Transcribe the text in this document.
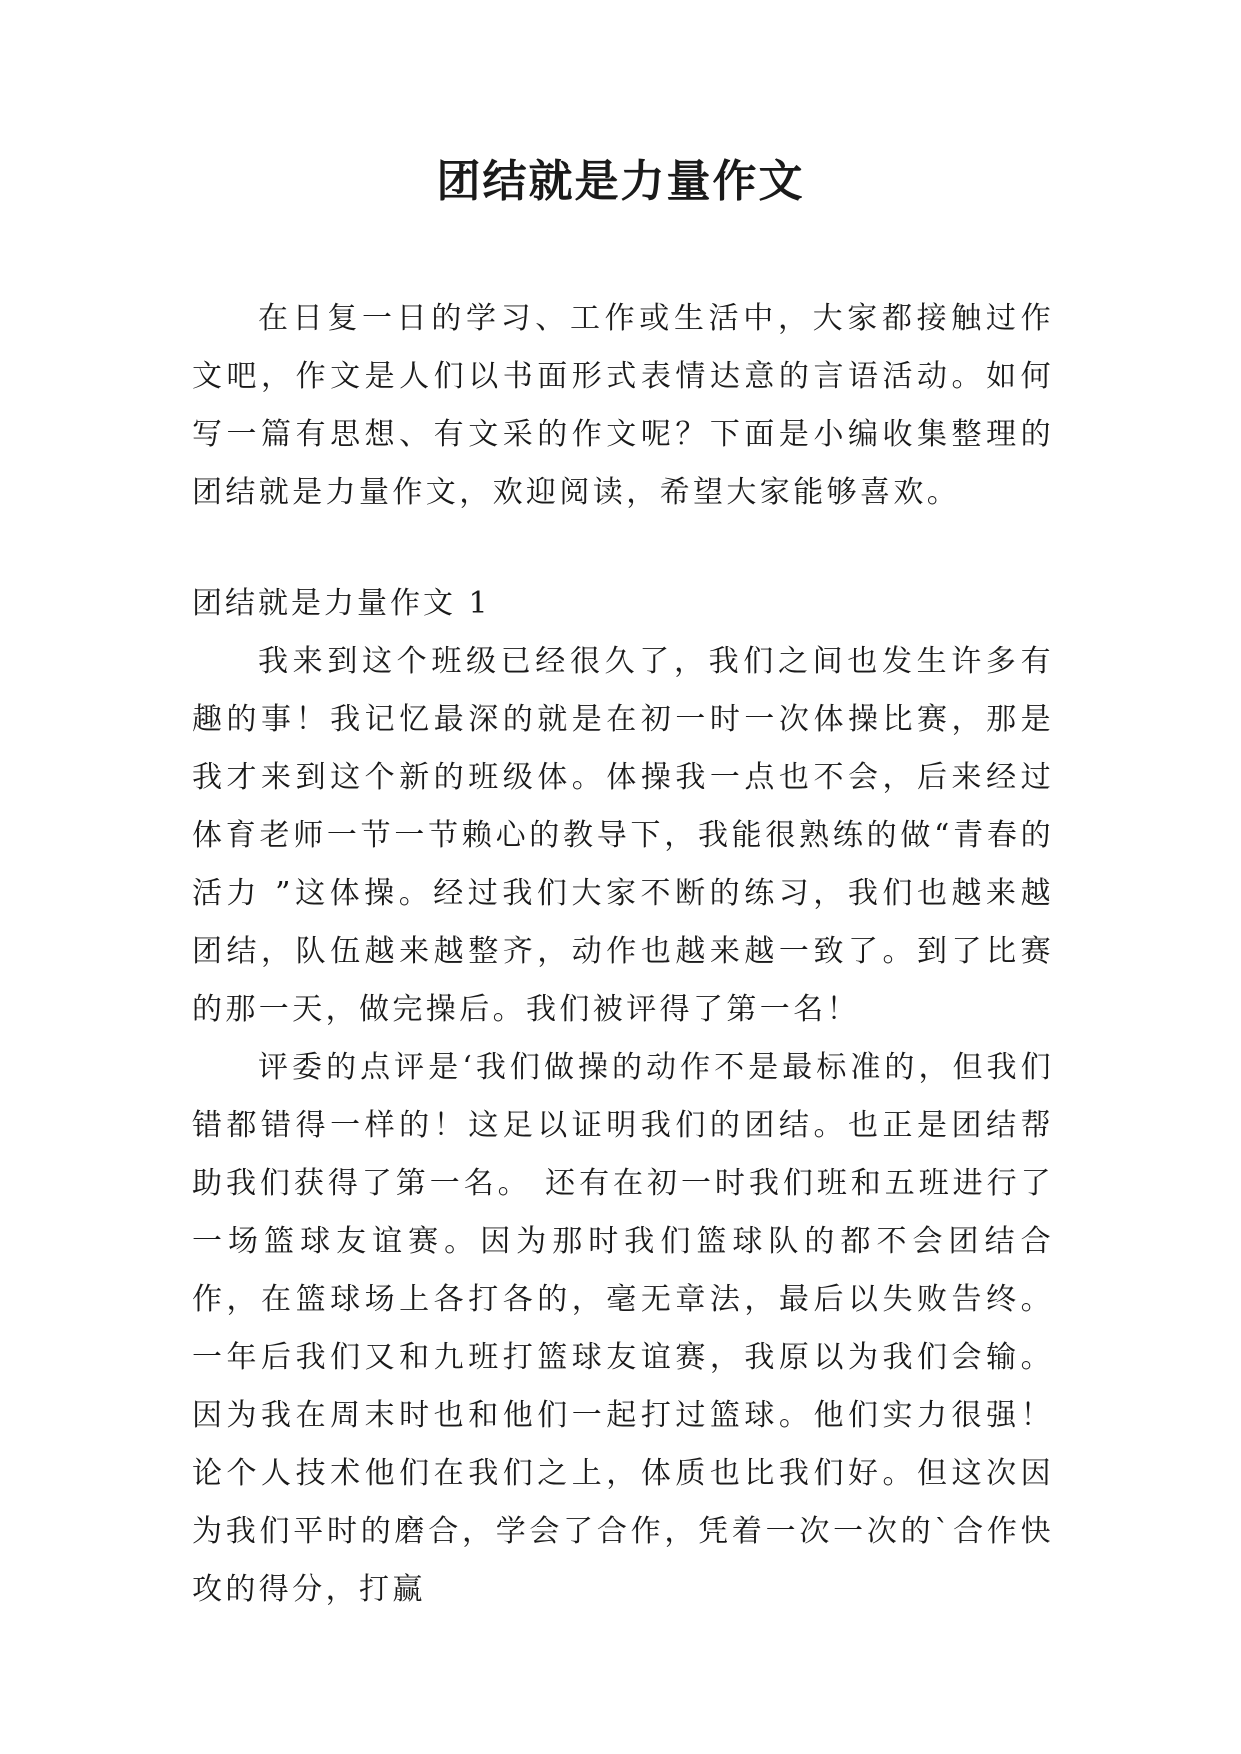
团结就是力量作文

在日复一日的学习、工作或生活中，大家都接触过作文吧，作文是人们以书面形式表情达意的言语活动。如何写一篇有思想、有文采的作文呢？下面是小编收集整理的团结就是力量作文，欢迎阅读，希望大家能够喜欢。

团结就是力量作文 1

我来到这个班级已经很久了，我们之间也发生许多有趣的事！我记忆最深的就是在初一时一次体操比赛，那是我才来到这个新的班级体。体操我一点也不会，后来经过体育老师一节一节赖心的教导下，我能很熟练的做“青春的活力 ”这体操。经过我们大家不断的练习，我们也越来越团结，队伍越来越整齐，动作也越来越一致了。到了比赛的那一天，做完操后。我们被评得了第一名！

评委的点评是‘我们做操的动作不是最标准的，但我们错都错得一样的！这足以证明我们的团结。也正是团结帮助我们获得了第一名。 还有在初一时我们班和五班进行了一场篮球友谊赛。因为那时我们篮球队的都不会团结合作，在篮球场上各打各的，毫无章法，最后以失败告终。一年后我们又和九班打篮球友谊赛，我原以为我们会输。因为我在周末时也和他们一起打过篮球。他们实力很强！论个人技术他们在我们之上，体质也比我们好。但这次因为我们平时的磨合，学会了合作，凭着一次一次的`合作快攻的得分，打赢
